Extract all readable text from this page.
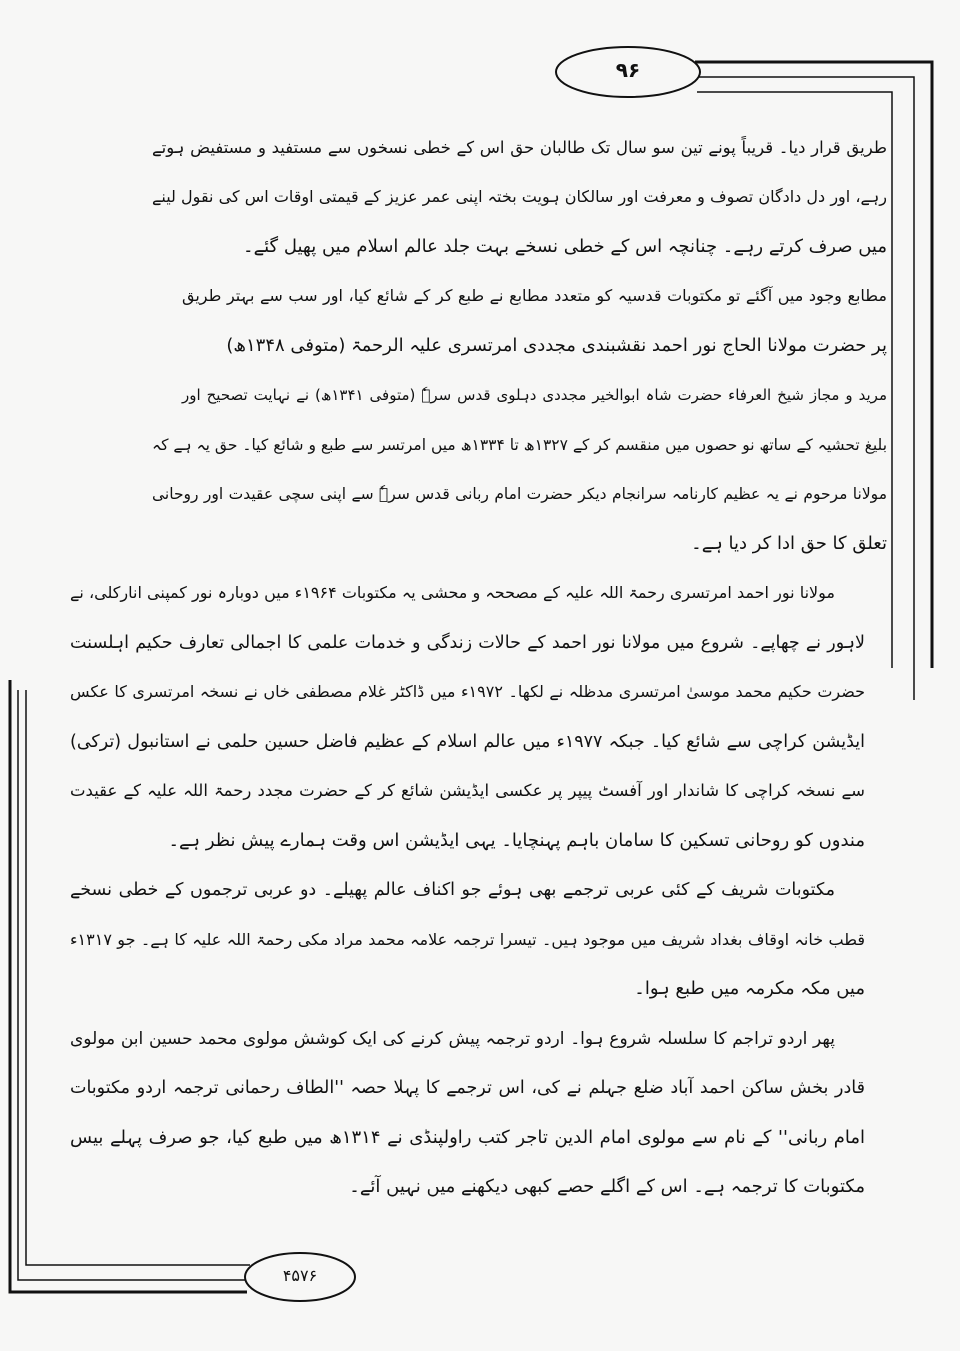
۹۶
۴۵۷۶
طریق قرار دیا۔ قریباً پونے تین سو سال تک طالبان حق اس کے خطی نسخوں سے مستفید و مستفیض ہوتے
رہے، اور دل دادگان تصوف و معرفت اور سالکان ہویت بختہ اپنی عمر عزیز کے قیمتی اوقات اس کی نقول لینے
میں صرف کرتے رہے۔ چنانچہ اس کے خطی نسخے بہت جلد عالم اسلام میں پھیل گئے۔
مطابع وجود میں آگئے تو مکتوبات قدسیہ کو متعدد مطابع نے طبع کر کے شائع کیا، اور سب سے بہتر طریق
پر حضرت مولانا الحاج نور احمد نقشبندی مجددی امرتسری علیہ الرحمۃ (متوفی ۱۳۴۸ھ)
مرید و مجاز شیخ العرفاء حضرت شاہ ابوالخیر مجددی دہلوی قدس سرہٗ (متوفی ۱۳۴۱ھ) نے نہایت تصحیح اور
بلیغ تحشیہ کے ساتھ نو حصوں میں منقسم کر کے ۱۳۲۷ھ تا ۱۳۳۴ھ میں امرتسر سے طبع و شائع کیا۔ حق یہ ہے کہ
مولانا مرحوم نے یہ عظیم کارنامہ سرانجام دیکر حضرت امام ربانی قدس سرہٗ سے اپنی سچی عقیدت اور روحانی
تعلق کا حق ادا کر دیا ہے۔
مولانا نور احمد امرتسری رحمۃ اللہ علیہ کے مصححہ و محشی یہ مکتوبات ۱۹۶۴ء میں دوبارہ نور کمپنی انارکلی، نے
لاہور نے چھاپے۔ شروع میں مولانا نور احمد کے حالات زندگی و خدمات علمی کا اجمالی تعارف حکیم اہلسنت
حضرت حکیم محمد موسیٰ امرتسری مدظلہ نے لکھا۔ ۱۹۷۲ء میں ڈاکٹر غلام مصطفی خاں نے نسخہ امرتسری کا عکس
ایڈیشن کراچی سے شائع کیا۔ جبکہ ۱۹۷۷ء میں عالم اسلام کے عظیم فاضل حسین حلمی نے استانبول (ترکی)
سے نسخہ کراچی کا شاندار اور آفسٹ پیپر پر عکسی ایڈیشن شائع کر کے حضرت مجدد رحمۃ اللہ علیہ کے عقیدت
مندوں کو روحانی تسکین کا سامان باہم پہنچایا۔ یہی ایڈیشن اس وقت ہمارے پیش نظر ہے۔
مکتوبات شریف کے کئی عربی ترجمے بھی ہوئے جو اکناف عالم پھیلے۔ دو عربی ترجموں کے خطی نسخے
قطب خانہ اوقاف بغداد شریف میں موجود ہیں۔ تیسرا ترجمہ علامہ محمد مراد مکی رحمۃ اللہ علیہ کا ہے۔ جو ۱۳۱۷ء
میں مکہ مکرمہ میں طبع ہوا۔
پھر اردو تراجم کا سلسلہ شروع ہوا۔ اردو ترجمہ پیش کرنے کی ایک کوشش مولوی محمد حسین ابن مولوی
قادر بخش ساکن احمد آباد ضلع جہلم نے کی، اس ترجمے کا پہلا حصہ ''الطاف رحمانی ترجمہ اردو مکتوبات
امام ربانی'' کے نام سے مولوی امام الدین تاجر کتب راولپنڈی نے ۱۳۱۴ھ میں طبع کیا، جو صرف پہلے بیس
مکتوبات کا ترجمہ ہے۔ اس کے اگلے حصے کبھی دیکھنے میں نہیں آئے۔
